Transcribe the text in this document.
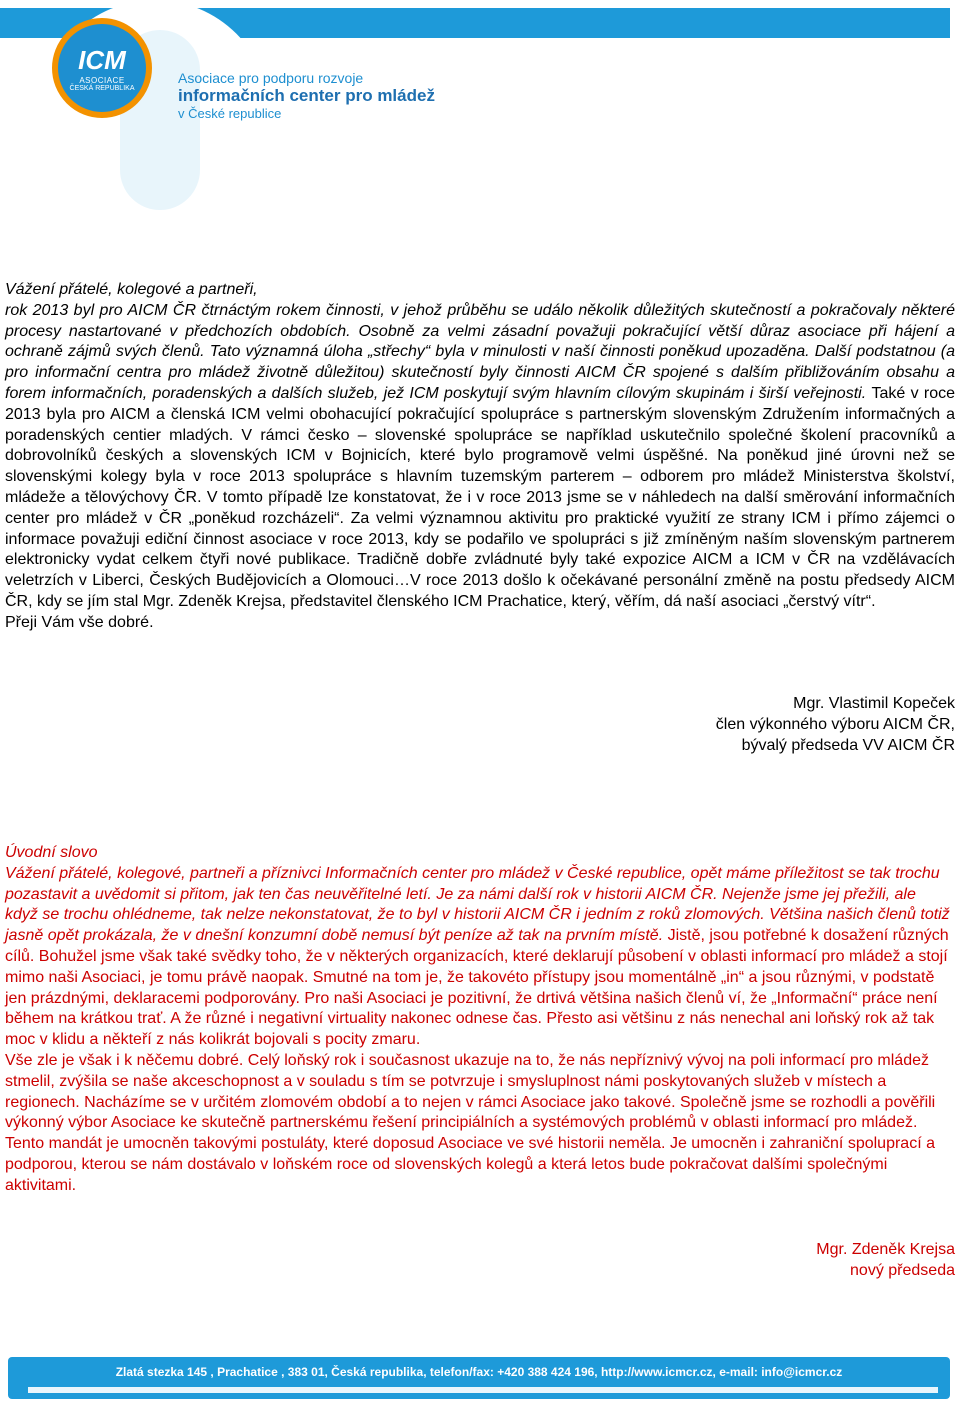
ICM
ASOCIACE
ČESKÁ REPUBLIKA
Asociace pro podporu rozvoje
informačních center pro mládež
v České republice

Vážení přátelé, kolegové a partneři,

rok 2013 byl pro AICM ČR čtrnáctým rokem činnosti, v jehož průběhu se událo několik důležitých skutečností a pokračovaly některé procesy nastartované v předchozích obdobích. Osobně za velmi zásadní považuji pokračující větší důraz asociace při hájení a ochraně zájmů svých členů. Tato významná úloha „střechy“ byla v minulosti v naší činnosti poněkud upozaděna. Další podstatnou (a pro informační centra pro mládež životně důležitou) skutečností byly činnosti AICM ČR spojené s dalším přibližováním obsahu a forem informačních, poradenských a dalších služeb, jež ICM poskytují svým hlavním cílovým skupinám i širší veřejnosti. Také v roce 2013 byla pro AICM a členská ICM velmi obohacující pokračující spolupráce s partnerským slovenským Združením informačných a poradenských centier mladých. V rámci česko – slovenské spolupráce se například uskutečnilo společné školení pracovníků a dobrovolníků českých a slovenských ICM v Bojnicích, které bylo programově velmi úspěšné. Na poněkud jiné úrovni než se slovenskými kolegy byla v roce 2013 spolupráce s hlavním tuzemským parterem – odborem pro mládež Ministerstva školství, mládeže a tělovýchovy ČR. V tomto případě lze konstatovat, že i v roce 2013 jsme se v náhledech na další směrování informačních center pro mládež v ČR „poněkud rozcházeli“. Za velmi významnou aktivitu pro praktické využití ze strany ICM i přímo zájemci o informace považuji ediční činnost asociace v roce 2013, kdy se podařilo ve spolupráci s již zmíněným naším slovenským partnerem elektronicky vydat celkem čtyři nové publikace. Tradičně dobře zvládnuté byly také expozice AICM a ICM v ČR na vzdělávacích veletrzích v Liberci, Českých Budějovicích a Olomouci…V roce 2013 došlo k očekávané personální změně na postu předsedy AICM ČR, kdy se jím stal Mgr. Zdeněk Krejsa, představitel členského ICM Prachatice, který, věřím, dá naší asociaci „čerstvý vítr“.

Přeji Vám vše dobré.

Mgr. Vlastimil Kopeček
člen výkonného výboru AICM ČR,
bývalý předseda VV AICM ČR

Úvodní slovo

Vážení přátelé, kolegové, partneři a příznivci Informačních center pro mládež v České republice, opět máme příležitost se tak trochu pozastavit a uvědomit si přitom, jak ten čas neuvěřitelné letí. Je za námi další rok v historii AICM ČR. Nejenže jsme jej přežili, ale když se trochu ohlédneme, tak nelze nekonstatovat, že to byl v historii AICM ČR i jedním z roků zlomových. Většina našich členů totiž jasně opět prokázala, že v dnešní konzumní době nemusí být peníze až tak na prvním místě. Jistě, jsou potřebné k dosažení různých cílů. Bohužel jsme však také svědky toho, že v některých organizacích, které deklarují působení v oblasti informací pro mládež a stojí mimo naši Asociaci, je tomu právě naopak. Smutné na tom je, že takovéto přístupy jsou momentálně „in“ a jsou různými, v podstatě jen prázdnými, deklaracemi podporovány. Pro naši Asociaci je pozitivní, že drtivá většina našich členů ví, že „Informační“ práce není během na krátkou trať. A že různé i negativní virtuality nakonec odnese čas. Přesto asi většinu z nás nenechal ani loňský rok až tak moc v klidu a někteří z nás kolikrát bojovali s pocity zmaru.

Vše zle je však i k něčemu dobré. Celý loňský rok i současnost ukazuje na to, že nás nepříznivý vývoj na poli informací pro mládež stmelil, zvýšila se naše akceschopnost a v souladu s tím se potvrzuje i smysluplnost námi poskytovaných služeb v místech a regionech. Nacházíme se v určitém zlomovém období a to nejen v rámci Asociace jako takové. Společně jsme se rozhodli a pověřili výkonný výbor Asociace ke skutečně partnerskému řešení principiálních a systémových problémů v oblasti informací pro mládež.

Tento mandát je umocněn takovými postuláty, které doposud Asociace ve své historii neměla. Je umocněn i zahraniční spoluprací a podporou, kterou se nám dostávalo v loňském roce od slovenských kolegů a která letos bude pokračovat dalšími společnými aktivitami.

Mgr. Zdeněk Krejsa
nový předseda
Zlatá stezka 145 , Prachatice , 383 01, Česká republika, telefon/fax: +420 388 424 196, http://www.icmcr.cz, e-mail: info@icmcr.cz
